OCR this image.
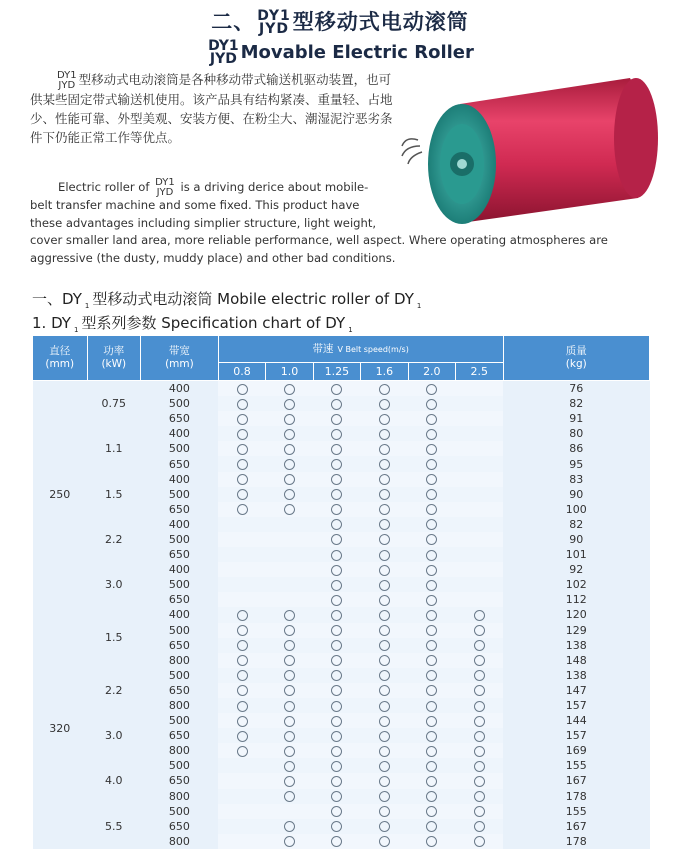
二、 DY1
JYD 型移动式电动滚筒
DY1
JYD Movable Electric Roller

DY1
JYD 型移动式电动滚筒是各种移动带式输送机驱动装置，也可供某些固定带式输送机使用。该产品具有结构紧凑、重量轻、占地少、性能可靠、外型美观、安装方便、在粉尘大、潮湿泥泞恶劣条件下仍能正常工作等优点。

Electric roller of DY1
JYD is a driving derice about mobile-

belt transfer machine and some fixed. This product have

these advantages including simplier structure, light weight,

cover smaller land area, more reliable performance, well aspect. Where operating atmospheres are

aggressive (the dusty, muddy place) and other bad conditions.

一、DY $_1$ 型移动式电动滚筒 Mobile electric roller of DY $_1$
1. DY $_1$ 型系列参数 Specification chart of DY $_1$
直径
(mm)	功率
(kW)	带宽
(mm)	带速 V Belt speed(m/s)						质量
(kg)
			0.8	1.0	1.25	1.6	2.0	2.5	
250	0.75	400							76
		500							82
		650							91
	1.1	400							80
		500							86
		650							95
	1.5	400							83
		500							90
		650							100
	2.2	400							82
		500							90
		650							101
	3.0	400							92
		500							102
		650							112
320	1.5	400							120
		500							129
		650							138
		800							148
	2.2	500							138
		650							147
		800							157
	3.0	500							144
		650							157
		800							169
	4.0	500							155
		650							167
		800							178
	5.5	500							155
		650							167
		800							178
